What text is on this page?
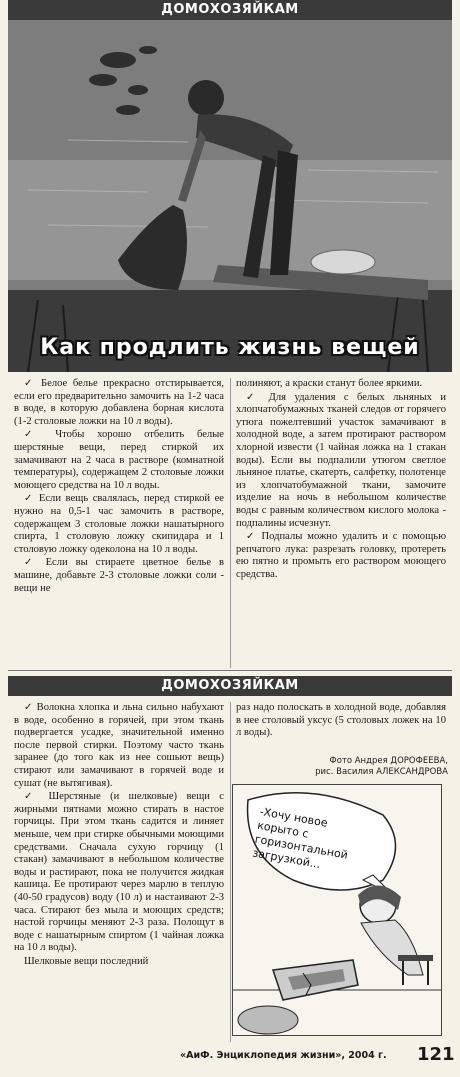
ДОМОХОЗЯЙКАМ
Как продлить жизнь вещей

✓ Белое белье прекрасно отстирывается, если его предварительно замочить на 1-2 часа в воде, в которую добавлена борная кислота (1-2 столовые ложки на 10 л воды).

✓ Чтобы хорошо отбелить белые шерстяные вещи, перед стиркой их замачивают на 2 часа в растворе (комнатной температуры), содержащем 2 столовые ложки моющего средства на 10 л воды.

✓ Если вещь свалялась, перед стиркой ее нужно на 0,5-1 час замочить в растворе, содержащем 3 столовые ложки нашатырного спирта, 1 столовую ложку скипидара и 1 столовую ложку одеколона на 10 л воды.

✓ Если вы стираете цветное белье в машине, добавьте 2-3 столовые ложки соли - вещи не

полиняют, а краски станут более яркими.

✓ Для удаления с белых льняных и хлопчатобумажных тканей следов от горячего утюга пожелтевший участок замачивают в холодной воде, а затем протирают раствором хлорной извести (1 чайная ложка на 1 стакан воды). Если вы подпалили утюгом светлое льняное платье, скатерть, салфетку, полотенце из хлопчатобумажной ткани, замочите изделие на ночь в небольшом количестве воды с равным количеством кислого молока - подпалины исчезнут.

✓ Подпалы можно удалить и с помощью репчатого лука: разрезать головку, протереть ею пятно и промыть его раствором моющего средства.

ДОМОХОЗЯЙКАМ

✓ Волокна хлопка и льна сильно набухают в воде, особенно в горячей, при этом ткань подвергается усадке, значительной именно после первой стирки. Поэтому часто ткань заранее (до того как из нее сошьют вещь) стирают или замачивают в горячей воде и сушат (не вытягивая).

✓ Шерстяные (и шелковые) вещи с жирными пятнами можно стирать в настое горчицы. При этом ткань садится и линяет меньше, чем при стирке обычными моющими средствами. Сначала сухую горчицу (1 стакан) замачивают в небольшом количестве воды и растирают, пока не получится жидкая кашица. Ее протирают через марлю в теплую (40-50 градусов) воду (10 л) и настаивают 2-3 часа. Стирают без мыла и моющих средств; настой горчицы меняют 2-3 раза. Полощут в воде с нашатырным спиртом (1 чайная ложка на 10 л воды).

Шелковые вещи последний

раз надо полоскать в холодной воде, добавляя в нее столовый уксус (5 столовых ложек на 10 л воды).

Фото Андрея ДОРОФЕЕВА,
рис. Василия АЛЕКСАНДРОВА
-Хочу новое корыто с горизонтальной загрузкой...
«АиФ. Энциклопедия жизни», 2004 г. 121
